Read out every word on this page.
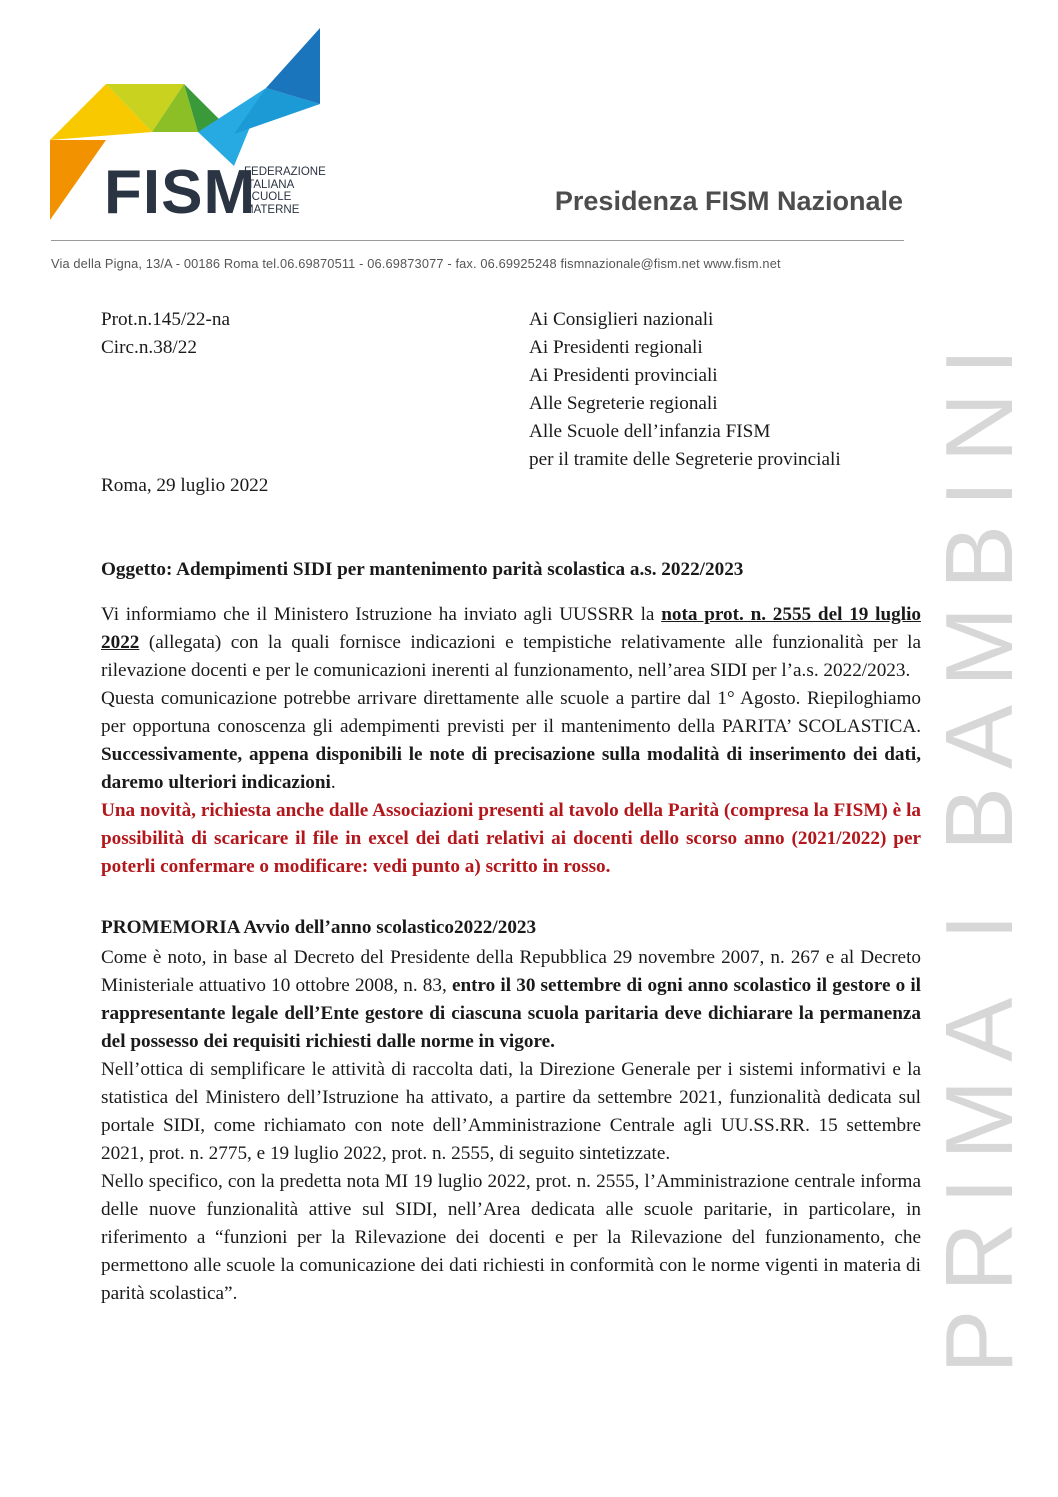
FISM
FEDERAZIONE
ITALIANA
SCUOLE
MATERNE	Presidenza FISM Nazionale
Via della Pigna, 13/A - 00186 Roma tel.06.69870511 - 06.69873077 - fax. 06.69925248 fismnazionale@fism.net www.fism.net
PRIMA I BAMBINI
Prot.n.145/22-na
Circ.n.38/22
Ai Consiglieri nazionali
Ai Presidenti regionali
Ai Presidenti provinciali
Alle Segreterie regionali
Alle Scuole dell’infanzia FISM
per il tramite delle Segreterie provinciali
Roma, 29 luglio 2022

Oggetto: Adempimenti SIDI per mantenimento parità scolastica a.s. 2022/2023

Vi informiamo che il Ministero Istruzione ha inviato agli UUSSRR la nota prot. n. 2555 del 19 luglio 2022 (allegata) con la quali fornisce indicazioni e tempistiche relativamente alle funzionalità per la rilevazione docenti e per le comunicazioni inerenti al funzionamento, nell’area SIDI per l’a.s. 2022/2023.

Questa comunicazione potrebbe arrivare direttamente alle scuole a partire dal 1° Agosto. Riepiloghiamo per opportuna conoscenza gli adempimenti previsti per il mantenimento della PARITA’ SCOLASTICA. Successivamente, appena disponibili le note di precisazione sulla modalità di inserimento dei dati, daremo ulteriori indicazioni.

Una novità, richiesta anche dalle Associazioni presenti al tavolo della Parità (compresa la FISM) è la possibilità di scaricare il file in excel dei dati relativi ai docenti dello scorso anno (2021/2022) per poterli confermare o modificare: vedi punto a) scritto in rosso.

PROMEMORIA Avvio dell’anno scolastico2022/2023

Come è noto, in base al Decreto del Presidente della Repubblica 29 novembre 2007, n. 267 e al Decreto Ministeriale attuativo 10 ottobre 2008, n. 83, entro il 30 settembre di ogni anno scolastico il gestore o il rappresentante legale dell’Ente gestore di ciascuna scuola paritaria deve dichiarare la permanenza del possesso dei requisiti richiesti dalle norme in vigore.

Nell’ottica di semplificare le attività di raccolta dati, la Direzione Generale per i sistemi informativi e la statistica del Ministero dell’Istruzione ha attivato, a partire da settembre 2021, funzionalità dedicata sul portale SIDI, come richiamato con note dell’Amministrazione Centrale agli UU.SS.RR. 15 settembre 2021, prot. n. 2775, e 19 luglio 2022, prot. n. 2555, di seguito sintetizzate.

Nello specifico, con la predetta nota MI 19 luglio 2022, prot. n. 2555, l’Amministrazione centrale informa delle nuove funzionalità attive sul SIDI, nell’Area dedicata alle scuole paritarie, in particolare, in riferimento a “funzioni per la Rilevazione dei docenti e per la Rilevazione del funzionamento, che permettono alle scuole la comunicazione dei dati richiesti in conformità con le norme vigenti in materia di parità scolastica”.
